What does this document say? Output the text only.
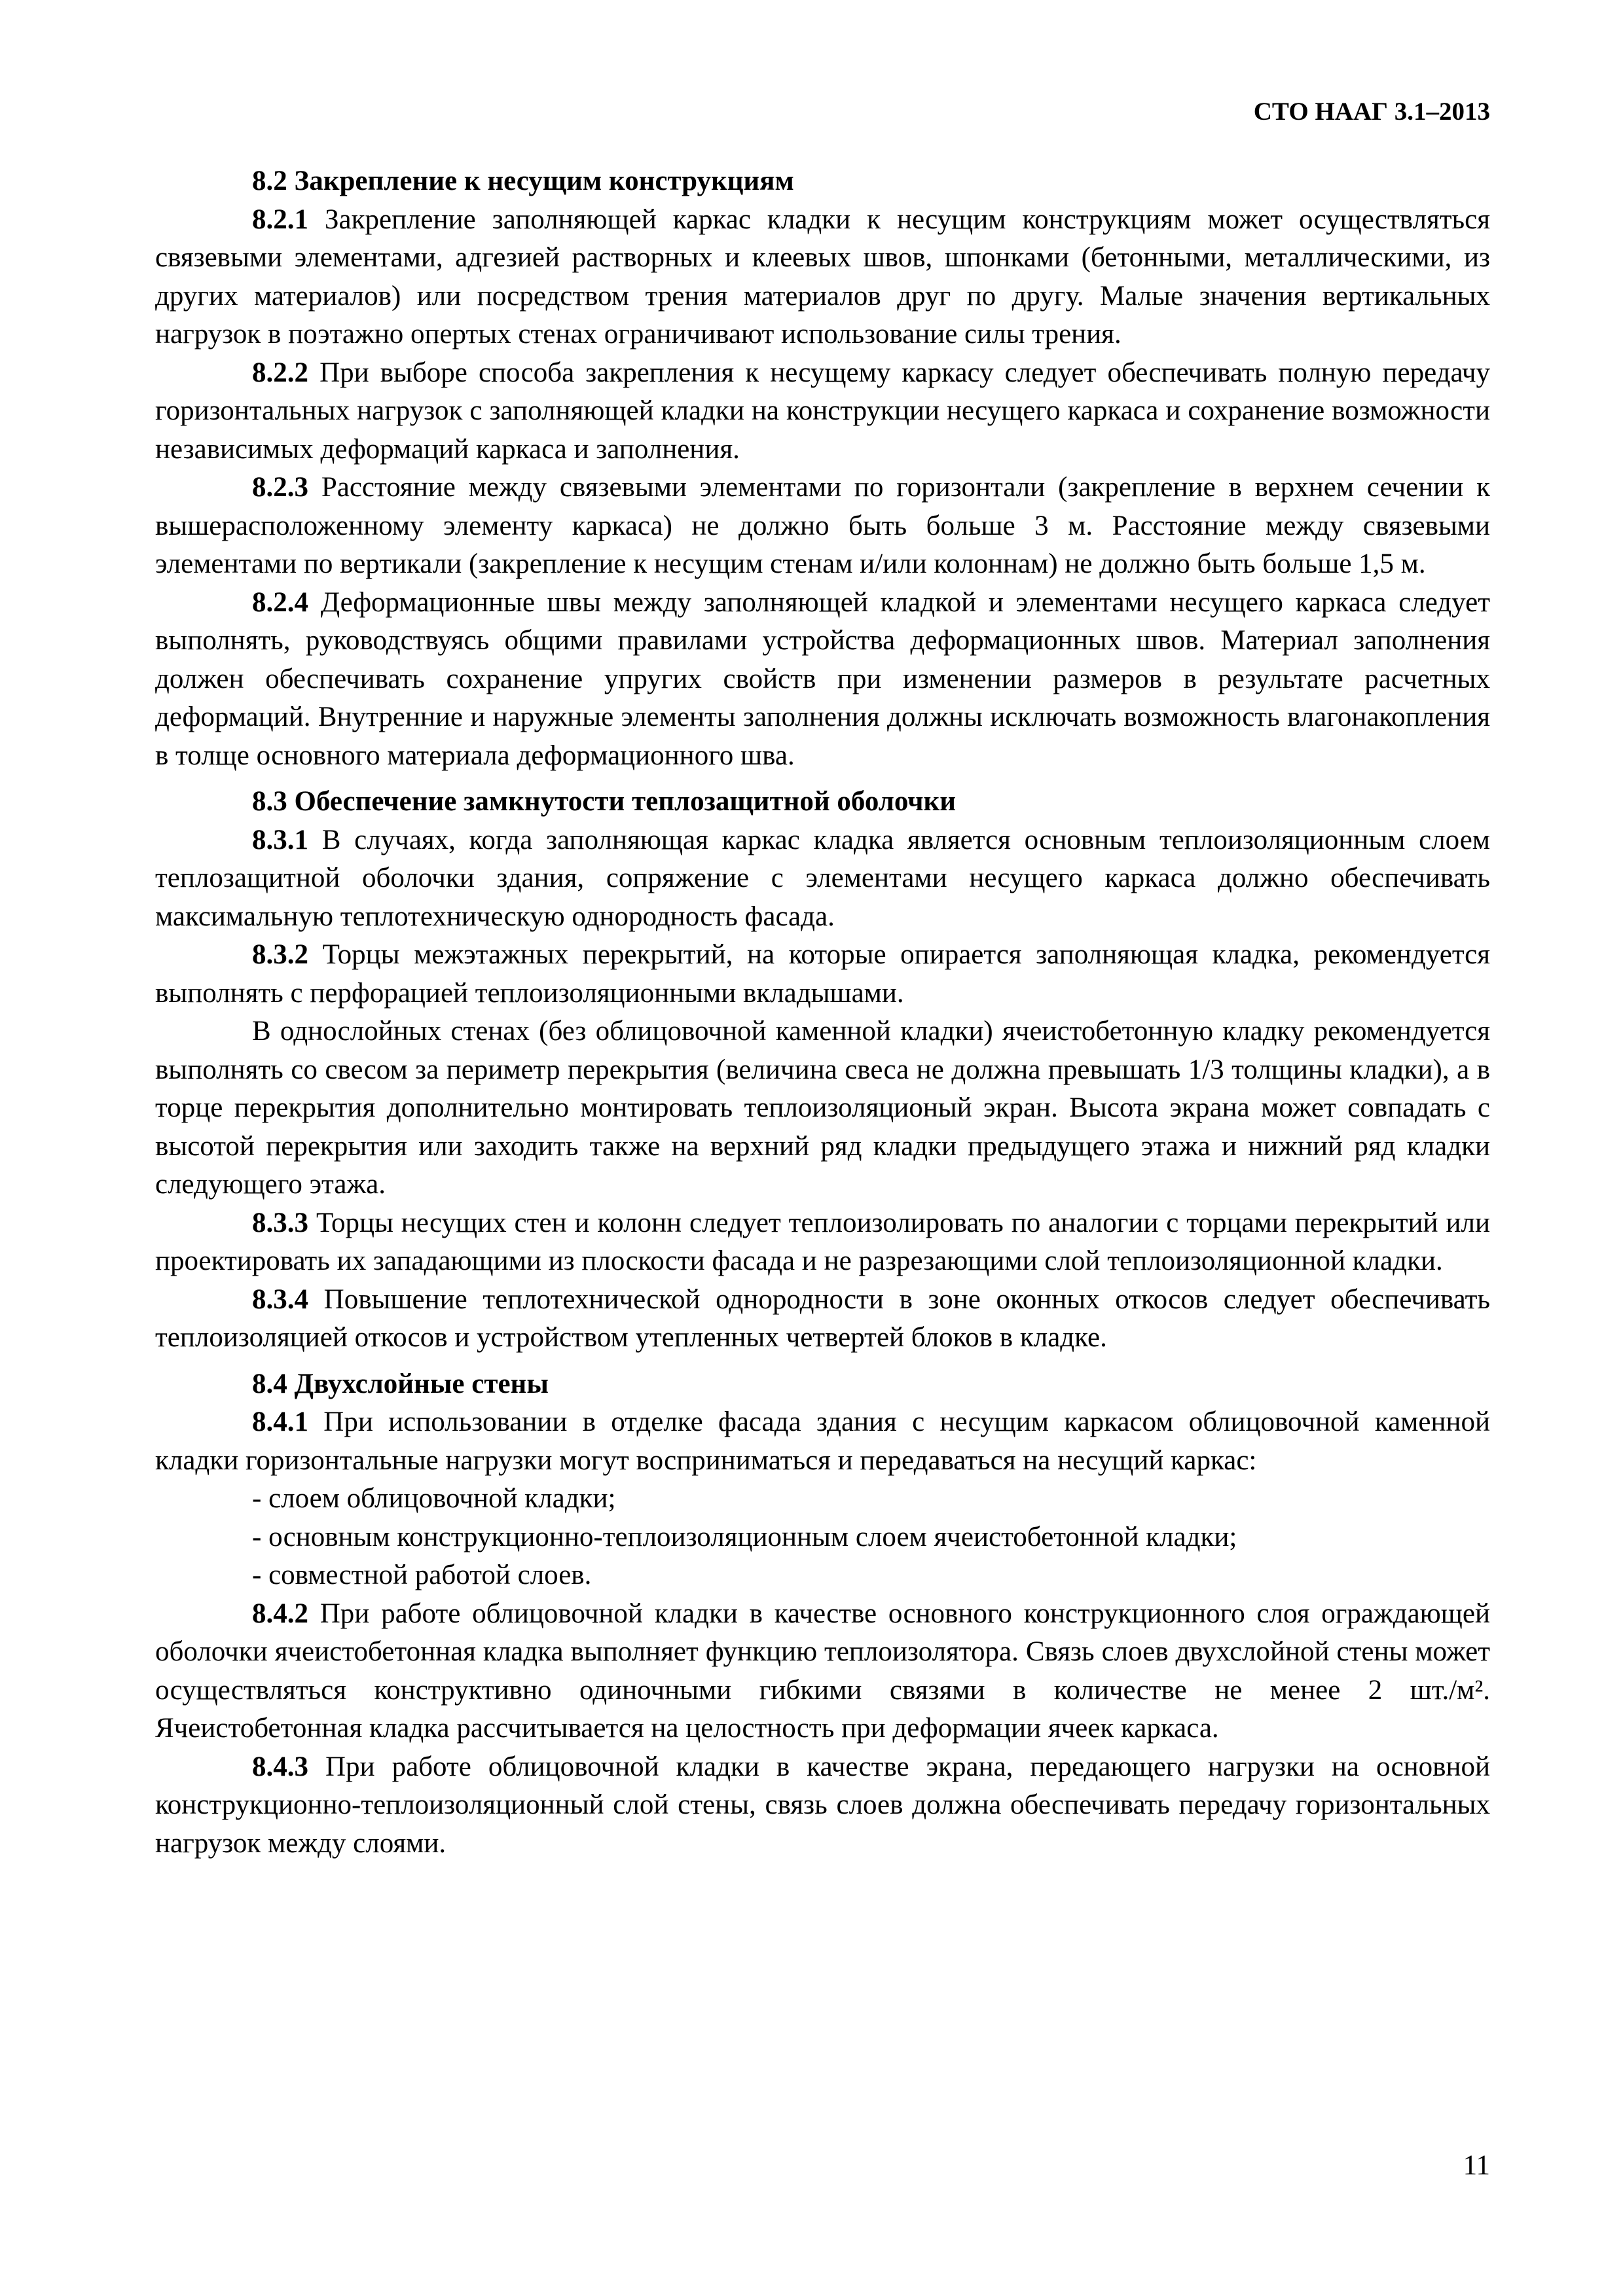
СТО НААГ 3.1–2013
8.2 Закрепление к несущим конструкциям

8.2.1 Закрепление заполняющей каркас кладки к несущим конструкциям может осуществляться связевыми элементами, адгезией растворных и клеевых швов, шпонками (бетонными, металлическими, из других материалов) или посредством трения материалов друг по другу. Малые значения вертикальных нагрузок в поэтажно опертых стенах ограничивают использование силы трения.

8.2.2 При выборе способа закрепления к несущему каркасу следует обеспечивать полную передачу горизонтальных нагрузок с заполняющей кладки на конструкции несущего каркаса и сохранение возможности независимых деформаций каркаса и заполнения.

8.2.3 Расстояние между связевыми элементами по горизонтали (закрепление в верхнем сечении к вышерасположенному элементу каркаса) не должно быть больше 3 м. Расстояние между связевыми элементами по вертикали (закрепление к несущим стенам и/или колоннам) не должно быть больше 1,5 м.

8.2.4 Деформационные швы между заполняющей кладкой и элементами несущего каркаса следует выполнять, руководствуясь общими правилами устройства деформационных швов. Материал заполнения должен обеспечивать сохранение упругих свойств при изменении размеров в результате расчетных деформаций. Внутренние и наружные элементы заполнения должны исключать возможность влагонакопления в толще основного материала деформационного шва.

8.3 Обеспечение замкнутости теплозащитной оболочки

8.3.1 В случаях, когда заполняющая каркас кладка является основным теплоизоляционным слоем теплозащитной оболочки здания, сопряжение с элементами несущего каркаса должно обеспечивать максимальную теплотехническую однородность фасада.

8.3.2 Торцы межэтажных перекрытий, на которые опирается заполняющая кладка, рекомендуется выполнять с перфорацией теплоизоляционными вкладышами.

В однослойных стенах (без облицовочной каменной кладки) ячеистобетонную кладку рекомендуется выполнять со свесом за периметр перекрытия (величина свеса не должна превышать 1/3 толщины кладки), а в торце перекрытия дополнительно монтировать теплоизоляционый экран. Высота экрана может совпадать с высотой перекрытия или заходить также на верхний ряд кладки предыдущего этажа и нижний ряд кладки следующего этажа.

8.3.3 Торцы несущих стен и колонн следует теплоизолировать по аналогии с торцами перекрытий или проектировать их западающими из плоскости фасада и не разрезающими слой теплоизоляционной кладки.

8.3.4 Повышение теплотехнической однородности в зоне оконных откосов следует обеспечивать теплоизоляцией откосов и устройством утепленных четвертей блоков в кладке.

8.4 Двухслойные стены

8.4.1 При использовании в отделке фасада здания с несущим каркасом облицовочной каменной кладки горизонтальные нагрузки могут восприниматься и передаваться на несущий каркас:

- слоем облицовочной кладки;

- основным конструкционно-теплоизоляционным слоем ячеистобетонной кладки;

- совместной работой слоев.

8.4.2 При работе облицовочной кладки в качестве основного конструкционного слоя ограждающей оболочки ячеистобетонная кладка выполняет функцию теплоизолятора. Связь слоев двухслойной стены может осуществляться конструктивно одиночными гибкими связями в количестве не менее 2 шт./м². Ячеистобетонная кладка рассчитывается на целостность при деформации ячеек каркаса.

8.4.3 При работе облицовочной кладки в качестве экрана, передающего нагрузки на основной конструкционно-теплоизоляционный слой стены, связь слоев должна обеспечивать передачу горизонтальных нагрузок между слоями.

11
